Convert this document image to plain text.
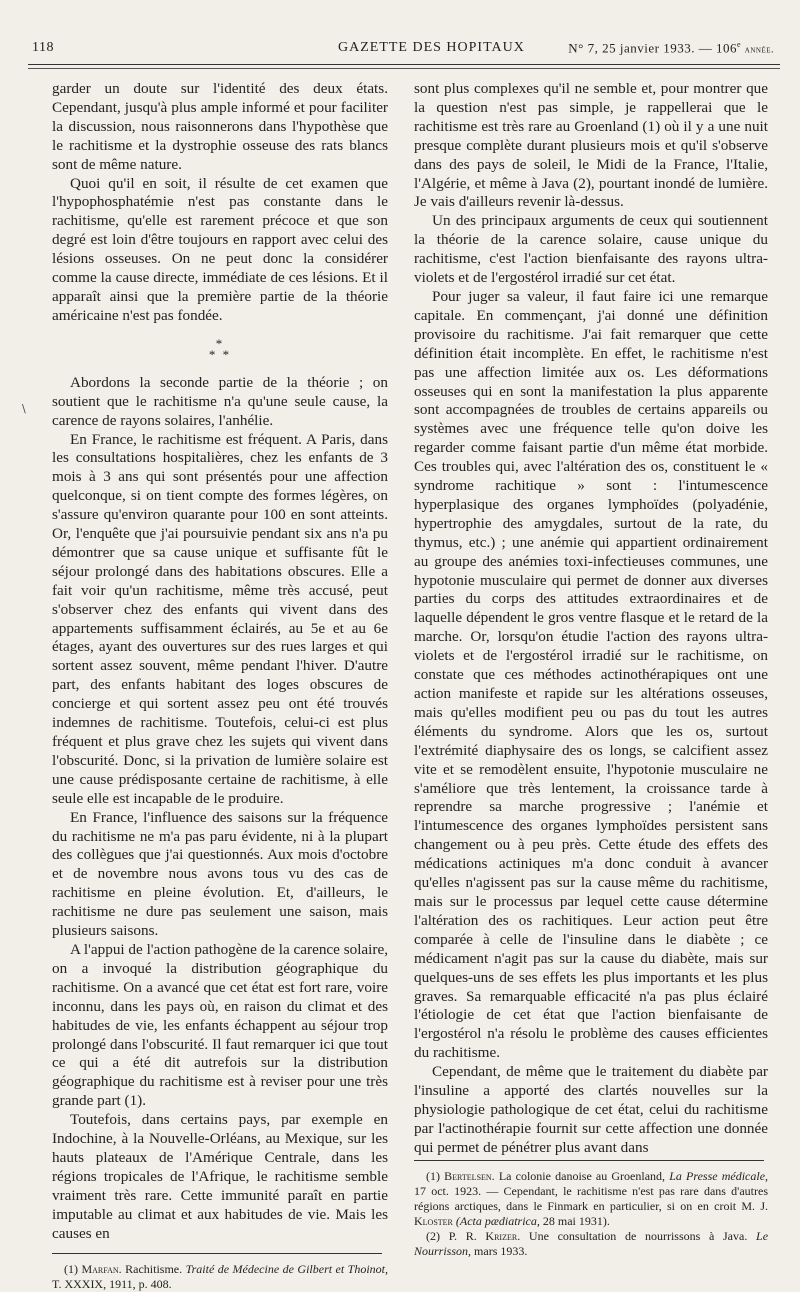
118	GAZETTE DES HOPITAUX	N° 7, 25 janvier 1933. — 106e année.
\

garder un doute sur l'identité des deux états. Cependant, jusqu'à plus ample informé et pour faciliter la discussion, nous raisonnerons dans l'hypothèse que le rachitisme et la dystrophie osseuse des rats blancs sont de même nature.

Quoi qu'il en soit, il résulte de cet examen que l'hypophosphatémie n'est pas constante dans le rachitisme, qu'elle est rarement précoce et que son degré est loin d'être toujours en rapport avec celui des lésions osseuses. On ne peut donc la considérer comme la cause directe, immédiate de ces lésions. Et il apparaît ainsi que la première partie de la théorie américaine n'est pas fondée.

*
* *

Abordons la seconde partie de la théorie ; on soutient que le rachitisme n'a qu'une seule cause, la carence de rayons solaires, l'anhélie.

En France, le rachitisme est fréquent. A Paris, dans les consultations hospitalières, chez les enfants de 3 mois à 3 ans qui sont présentés pour une affection quelconque, si on tient compte des formes légères, on s'assure qu'environ quarante pour 100 en sont atteints. Or, l'enquête que j'ai poursuivie pendant six ans n'a pu démontrer que sa cause unique et suffisante fût le séjour prolongé dans des habitations obscures. Elle a fait voir qu'un rachitisme, même très accusé, peut s'observer chez des enfants qui vivent dans des appartements suffisamment éclairés, au 5e et au 6e étages, ayant des ouvertures sur des rues larges et qui sortent assez souvent, même pendant l'hiver. D'autre part, des enfants habitant des loges obscures de concierge et qui sortent assez peu ont été trouvés indemnes de rachitisme. Toutefois, celui-ci est plus fréquent et plus grave chez les sujets qui vivent dans l'obscurité. Donc, si la privation de lumière solaire est une cause prédisposante certaine de rachitisme, à elle seule elle est incapable de le produire.

En France, l'influence des saisons sur la fréquence du rachitisme ne m'a pas paru évidente, ni à la plupart des collègues que j'ai questionnés. Aux mois d'octobre et de novembre nous avons tous vu des cas de rachitisme en pleine évolution. Et, d'ailleurs, le rachitisme ne dure pas seulement une saison, mais plusieurs saisons.

A l'appui de l'action pathogène de la carence solaire, on a invoqué la distribution géographique du rachitisme. On a avancé que cet état est fort rare, voire inconnu, dans les pays où, en raison du climat et des habitudes de vie, les enfants échappent au séjour trop prolongé dans l'obscurité. Il faut remarquer ici que tout ce qui a été dit autrefois sur la distribution géographique du rachitisme est à reviser pour une très grande part (1).

Toutefois, dans certains pays, par exemple en Indochine, à la Nouvelle-Orléans, au Mexique, sur les hauts plateaux de l'Amérique Centrale, dans les régions tropicales de l'Afrique, le rachitisme semble vraiment très rare. Cette immunité paraît en partie imputable au climat et aux habitudes de vie. Mais les causes en

(1) Marfan. Rachitisme. Traité de Médecine de Gilbert et Thoinot, T. XXXIX, 1911, p. 408.

sont plus complexes qu'il ne semble et, pour montrer que la question n'est pas simple, je rappellerai que le rachitisme est très rare au Groenland (1) où il y a une nuit presque complète durant plusieurs mois et qu'il s'observe dans des pays de soleil, le Midi de la France, l'Italie, l'Algérie, et même à Java (2), pourtant inondé de lumière. Je vais d'ailleurs revenir là-dessus.

Un des principaux arguments de ceux qui soutiennent la théorie de la carence solaire, cause unique du rachitisme, c'est l'action bienfaisante des rayons ultra-violets et de l'ergostérol irradié sur cet état.

Pour juger sa valeur, il faut faire ici une remarque capitale. En commençant, j'ai donné une définition provisoire du rachitisme. J'ai fait remarquer que cette définition était incomplète. En effet, le rachitisme n'est pas une affection limitée aux os. Les déformations osseuses qui en sont la manifestation la plus apparente sont accompagnées de troubles de certains appareils ou systèmes avec une fréquence telle qu'on doive les regarder comme faisant partie d'un même état morbide. Ces troubles qui, avec l'altération des os, constituent le « syndrome rachitique » sont : l'intumescence hyperplasique des organes lymphoïdes (polyadénie, hypertrophie des amygdales, surtout de la rate, du thymus, etc.) ; une anémie qui appartient ordinairement au groupe des anémies toxi-infectieuses communes, une hypotonie musculaire qui permet de donner aux diverses parties du corps des attitudes extraordinaires et de laquelle dépendent le gros ventre flasque et le retard de la marche. Or, lorsqu'on étudie l'action des rayons ultra-violets et de l'ergostérol irradié sur le rachitisme, on constate que ces méthodes actinothérapiques ont une action manifeste et rapide sur les altérations osseuses, mais qu'elles modifient peu ou pas du tout les autres éléments du syndrome. Alors que les os, surtout l'extrémité diaphysaire des os longs, se calcifient assez vite et se remodèlent ensuite, l'hypotonie musculaire ne s'améliore que très lentement, la croissance tarde à reprendre sa marche progressive ; l'anémie et l'intumescence des organes lymphoïdes persistent sans changement ou à peu près. Cette étude des effets des médications actiniques m'a donc conduit à avancer qu'elles n'agissent pas sur la cause même du rachitisme, mais sur le processus par lequel cette cause détermine l'altération des os rachitiques. Leur action peut être comparée à celle de l'insuline dans le diabète ; ce médicament n'agit pas sur la cause du diabète, mais sur quelques-uns de ses effets les plus importants et les plus graves. Sa remarquable efficacité n'a pas plus éclairé l'étiologie de cet état que l'action bienfaisante de l'ergostérol n'a résolu le problème des causes efficientes du rachitisme.

Cependant, de même que le traitement du diabète par l'insuline a apporté des clartés nouvelles sur la physiologie pathologique de cet état, celui du rachitisme par l'actinothérapie fournit sur cette affection une donnée qui permet de pénétrer plus avant dans

(1) Bertelsen. La colonie danoise au Groenland, La Presse médicale, 17 oct. 1923. — Cependant, le rachitisme n'est pas rare dans d'autres régions arctiques, dans le Finmark en particulier, si on en croit M. J. Kloster (Acta pædiatrica, 28 mai 1931).

(2) P. R. Krizer. Une consultation de nourrissons à Java. Le Nourrisson, mars 1933.
